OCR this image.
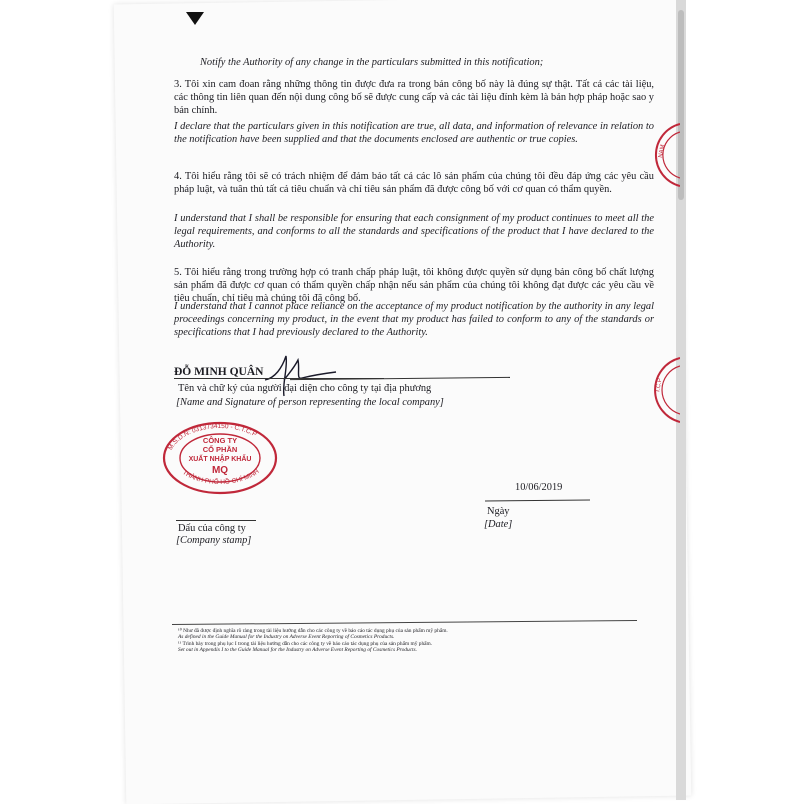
NAM
T.C.P
Notify the Authority of any change in the particulars submitted in this notification;
3. Tôi xin cam đoan rằng những thông tin được đưa ra trong bản công bố này là đúng sự thật. Tất cả các tài liệu, các thông tin liên quan đến nội dung công bố sẽ được cung cấp và các tài liệu đính kèm là bản hợp pháp hoặc sao y bản chính.
I declare that the particulars given in this notification are true, all data, and information of relevance in relation to the notification have been supplied and that the documents enclosed are authentic or true copies.
4. Tôi hiểu rằng tôi sẽ có trách nhiệm để đảm bảo tất cả các lô sản phẩm của chúng tôi đều đáp ứng các yêu cầu pháp luật, và tuân thủ tất cả tiêu chuẩn và chỉ tiêu sản phẩm đã được công bố với cơ quan có thẩm quyền.
I understand that I shall be responsible for ensuring that each consignment of my product continues to meet all the legal requirements, and conforms to all the standards and specifications of the product that I have declared to the Authority.
5. Tôi hiểu rằng trong trường hợp có tranh chấp pháp luật, tôi không được quyền sử dụng bản công bố chất lượng sản phẩm đã được cơ quan có thẩm quyền chấp nhận nếu sản phẩm của chúng tôi không đạt được các yêu cầu về tiêu chuẩn, chỉ tiêu mà chúng tôi đã công bố.
I understand that I cannot place reliance on the acceptance of my product notification by the authority in any legal proceedings concerning my product, in the event that my product has failed to conform to any of the standards or specifications that I had previously declared to the Authority.
ĐỖ MINH QUÂN
Tên và chữ ký của người đại diện cho công ty tại địa phương
[Name and Signature of person representing the local company]
M.S.D.N: 0313734150 - C.T.C.P
THÀNH PHỐ HỒ CHÍ MINH
CÔNG TY
CỔ PHẦN
XUẤT NHẬP KHẨU
MQ
10/06/2019
Ngày
[Date]
Dấu của công ty
[Company stamp]
¹⁰ Như đã được định nghĩa rõ ràng trong tài liệu hướng dẫn cho các công ty về báo cáo tác dụng phụ của sản phẩm mỹ phẩm.
As defined in the Guide Manual for the Industry on Adverse Event Reporting of Cosmetics Products.
¹¹ Trình bày trong phụ lục I trong tài liệu hướng dẫn cho các công ty về báo cáo tác dụng phụ của sản phẩm mỹ phẩm.
Set out in Appendix I to the Guide Manual for the Industry on Adverse Event Reporting of Cosmetics Products.
